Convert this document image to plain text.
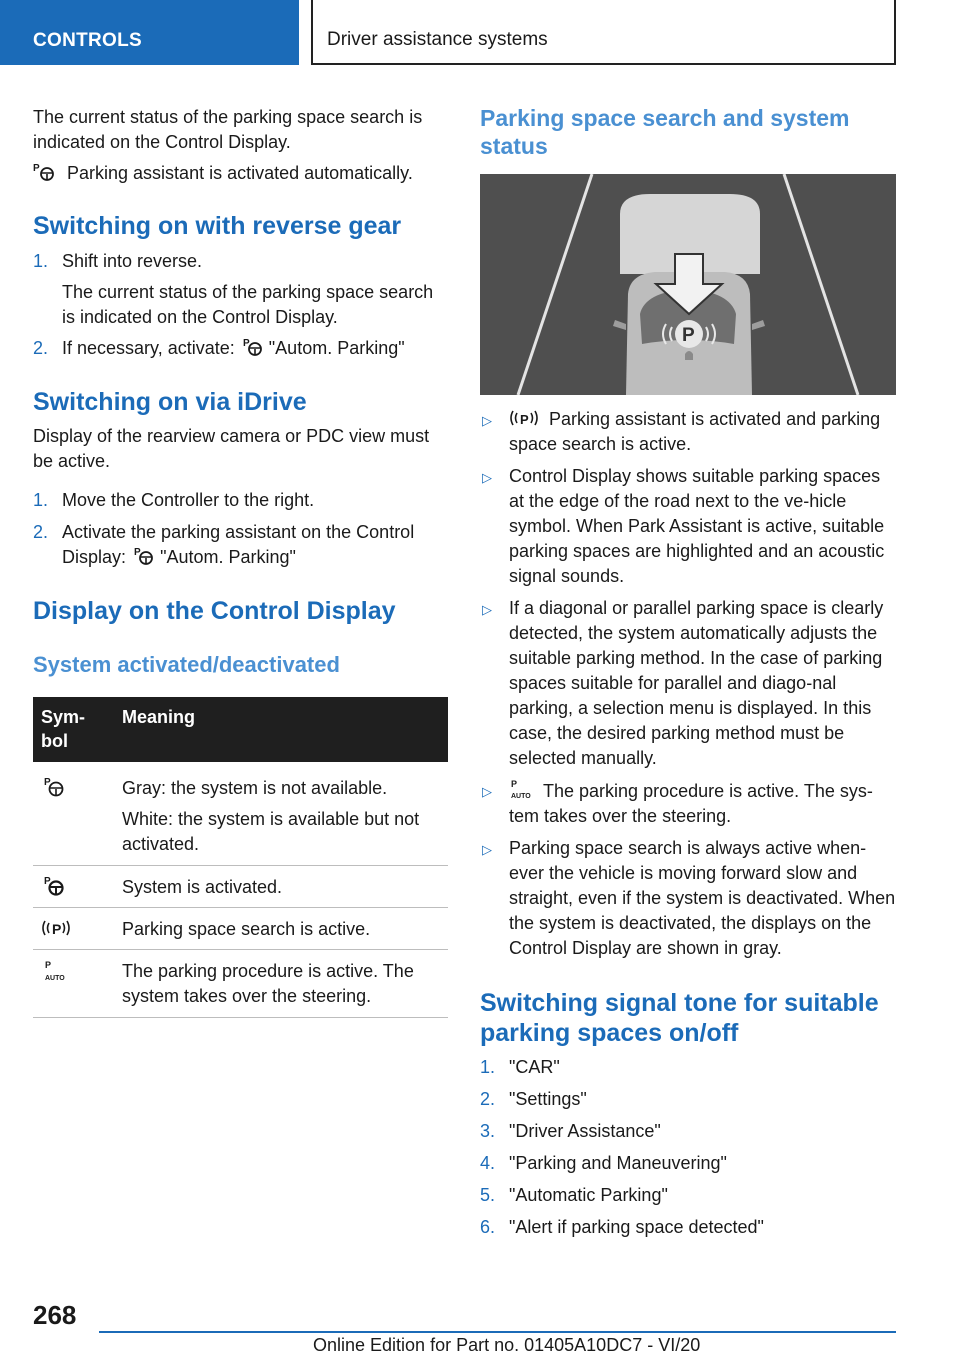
CONTROLS	Driver assistance systems

The current status of the parking space search is indicated on the Control Display.

P Parking assistant is activated automatically.

Switching on with reverse gear
1. Shift into reverse.
The current status of the parking space search is indicated on the Control Display.
2. If necessary, activate: P "Autom. Parking"
Switching on via iDrive

Display of the rearview camera or PDC view must be active.

1. Move the Controller to the right.
2. Activate the parking assistant on the Control Display: P "Autom. Parking"
Display on the Control Display
System activated/deactivated
Sym-
bol	Meaning

P	Gray: the system is not available.
White: the system is available but not activated.

P	System is activated.

P	Parking space search is active.

P
AUTO	The parking procedure is active. The system takes over the steering.
Parking space search and system status
P
▷ P Parking assistant is activated and parking space search is active.
▷ Control Display shows suitable parking spaces at the edge of the road next to the ve-hicle symbol. When Park Assistant is active, suitable parking spaces are highlighted and an acoustic signal sounds.
▷ If a diagonal or parallel parking space is clearly detected, the system automatically adjusts the suitable parking method. In the case of parking spaces suitable for parallel and diago-nal parking, a selection menu is displayed. In this case, the desired parking method must be selected manually.
▷ P
AUTO The parking procedure is active. The sys-tem takes over the steering.
▷ Parking space search is always active when-ever the vehicle is moving forward slow and straight, even if the system is deactivated. When the system is deactivated, the displays on the Control Display are shown in gray.
Switching signal tone for suitable parking spaces on/off
1. "CAR"
2. "Settings"
3. "Driver Assistance"
4. "Parking and Maneuvering"
5. "Automatic Parking"
6. "Alert if parking space detected"
268
Online Edition for Part no. 01405A10DC7 - VI/20
